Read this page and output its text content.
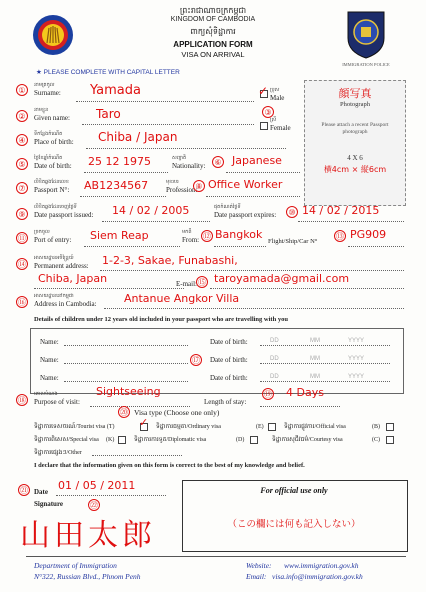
ព្រះរាជាណាចក្រកម្ពុជា
KINGDOM OF CAMBODIA
ពាក្យសុំទិដ្ឋាការ
APPLICATION FORM
VISA ON ARRIVAL
IMMIGRATION POLICE
★ PLEASE COMPLETE WITH CAPITAL LETTER
顔写真
Photograph
Please attach a recent Passport photograph
4 X 6
横4cm × 縦6cm
①
នាមត្រកូល
Surname: Yamada	✓ ប្រុស
Male
②
នាមខ្លួន
Given name: Taro	③
ស្រី
Female
④
ទីកន្លែងកំណើត
Place of birth: Chiba / Japan
⑤
ថ្ងៃខែឆ្នាំកំណើត
Date of birth: 25 12 1975	សញ្ជាតិ
Nationality:	⑥ Japanese
⑦
លិខិតឆ្លងដែនលេខ
Passport N°: AB1234567	មុខរបរ
Profession:
⑧ Office Worker
⑨
លិខិតឆ្លងដែនចេញថ្ងៃទី
Date passport issued: 14 / 02 / 2005	ផុតកំណត់ថ្ងៃទី
Date passport expires:	⑩ 14 / 02 / 2015
⑪
ច្រកចូល
Port of entry: Siem Reap	មកពី
From: ⑫ Bangkok
Flight/Ship/Car N°
⑬ PG909
⑭
អាសយដ្ឋានអចិន្ត្រៃយ៍
Permanent address: 1-2-3, Sakae, Funabashi,
Chiba, Japan	E-mail: ⑮ taroyamada@gmail.com
⑯
អាសយដ្ឋាននៅកម្ពុជា
Address in Cambodia: Antanue Angkor Villa
Details of children under 12 years old included in your passport who are travelling with you
Name:	Date of birth:	DD	MM	YYYY
⑰
Name:	Date of birth:	DD	MM	YYYY
Name:	Date of birth:	DD	MM	YYYY
⑱
គោលបំណង
Purpose of visit:
Sightseeing
Length of stay:
⑲ 4 Days
⑳ Visa type (Choose one only)
ទិដ្ឋាការទេសចរណ៍/Tourist visa (T) ✓ ទិដ្ឋាការធម្មតា/Ordinary visa	(E)	ទិដ្ឋាការផ្លូវការ/Official visa	(B)
ទិដ្ឋាការពិសេស/Special visa (K)	ទិដ្ឋាការការទូត/Diplomatic visa	(D)	ទិដ្ឋាការសុជីវធម៌/Courtesy visa	(C)
ទិដ្ឋាការផ្សេងៗ/Other
I declare that the information given on this form is correct to the best of my knowledge and belief.
㉑ Date 01 / 05 / 2011
Signature	㉒
山田太郎
For official use only
（この欄には何も記入しない）
Department of Immigration
N°322, Russian Blvd., Phnom Penh
Website: www.immigration.gov.kh
Email: visa.info@immigration.gov.kh
